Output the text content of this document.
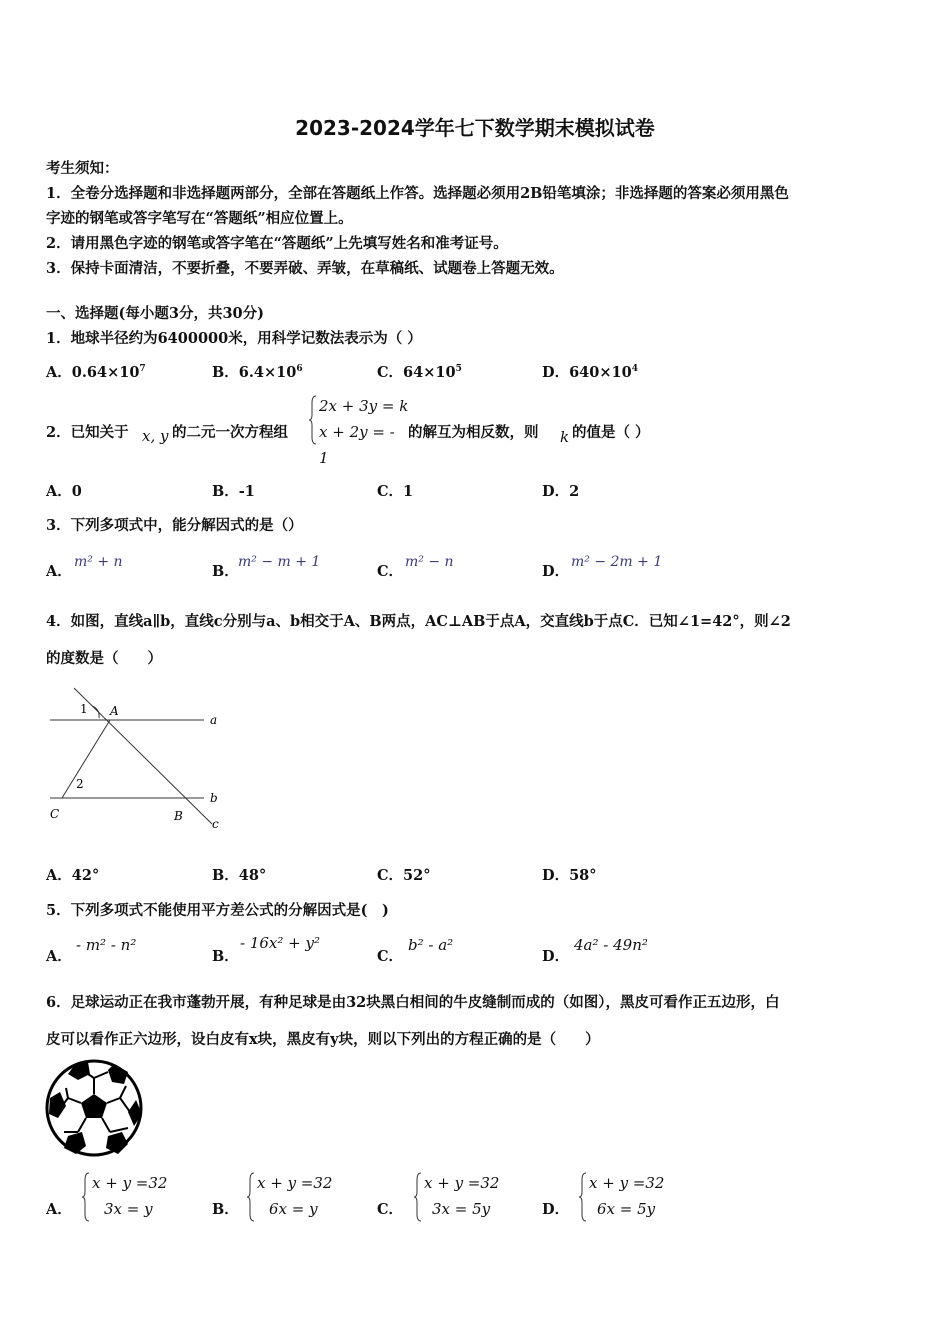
2023-2024学年七下数学期末模拟试卷

考生须知：

1．全卷分选择题和非选择题两部分，全部在答题纸上作答。选择题必须用2B铅笔填涂；非选择题的答案必须用黑色

字迹的钢笔或答字笔写在“答题纸”相应位置上。

2．请用黑色字迹的钢笔或答字笔在“答题纸”上先填写姓名和准考证号。

3．保持卡面清洁，不要折叠，不要弄破、弄皱，在草稿纸、试题卷上答题无效。

一、选择题(每小题3分，共30分)
1．地球半径约为6400000米，用科学记数法表示为（ ）
A．$0.64\times 10^7$	B．$6.4\times 10^6$	C．$64\times 10^5$	D．$640\times 10^4$
2．已知关于 x, y 的二元一次方程组
2x + 3y = k
x + 2y = - 1
的解互为相反数，则 k 的值是（ ）
A．0	B．-1	C．1	D．2
3．下列多项式中，能分解因式的是（）
A．
m² + n
B．
m² − m + 1
C．
m² − n
D．
m² − 2m + 1
4．如图，直线a∥b，直线c分别与a、b相交于A、B两点，AC⊥AB于点A，交直线b于点C．已知∠1=42°，则∠2
的度数是（　　）
1 A
a
2
b
C	B
c
A．42°	B．48°	C．52°	D．58°
5．下列多项式不能使用平方差公式的分解因式是(　)
A．
- m² - n²
B．
- 16x² + y²
C．
b² - a²
D．
4a² - 49n²
6．足球运动正在我市蓬勃开展，有种足球是由32块黑白相间的牛皮缝制而成的（如图），黑皮可看作正五边形，白
皮可以看作正六边形，设白皮有x块，黑皮有y块，则以下列出的方程正确的是（　　）
A．
x + y =32
3x = y	B．
x + y =32
6x = y	C．
x + y =32
3x = 5y	D．
x + y =32
6x = 5y
